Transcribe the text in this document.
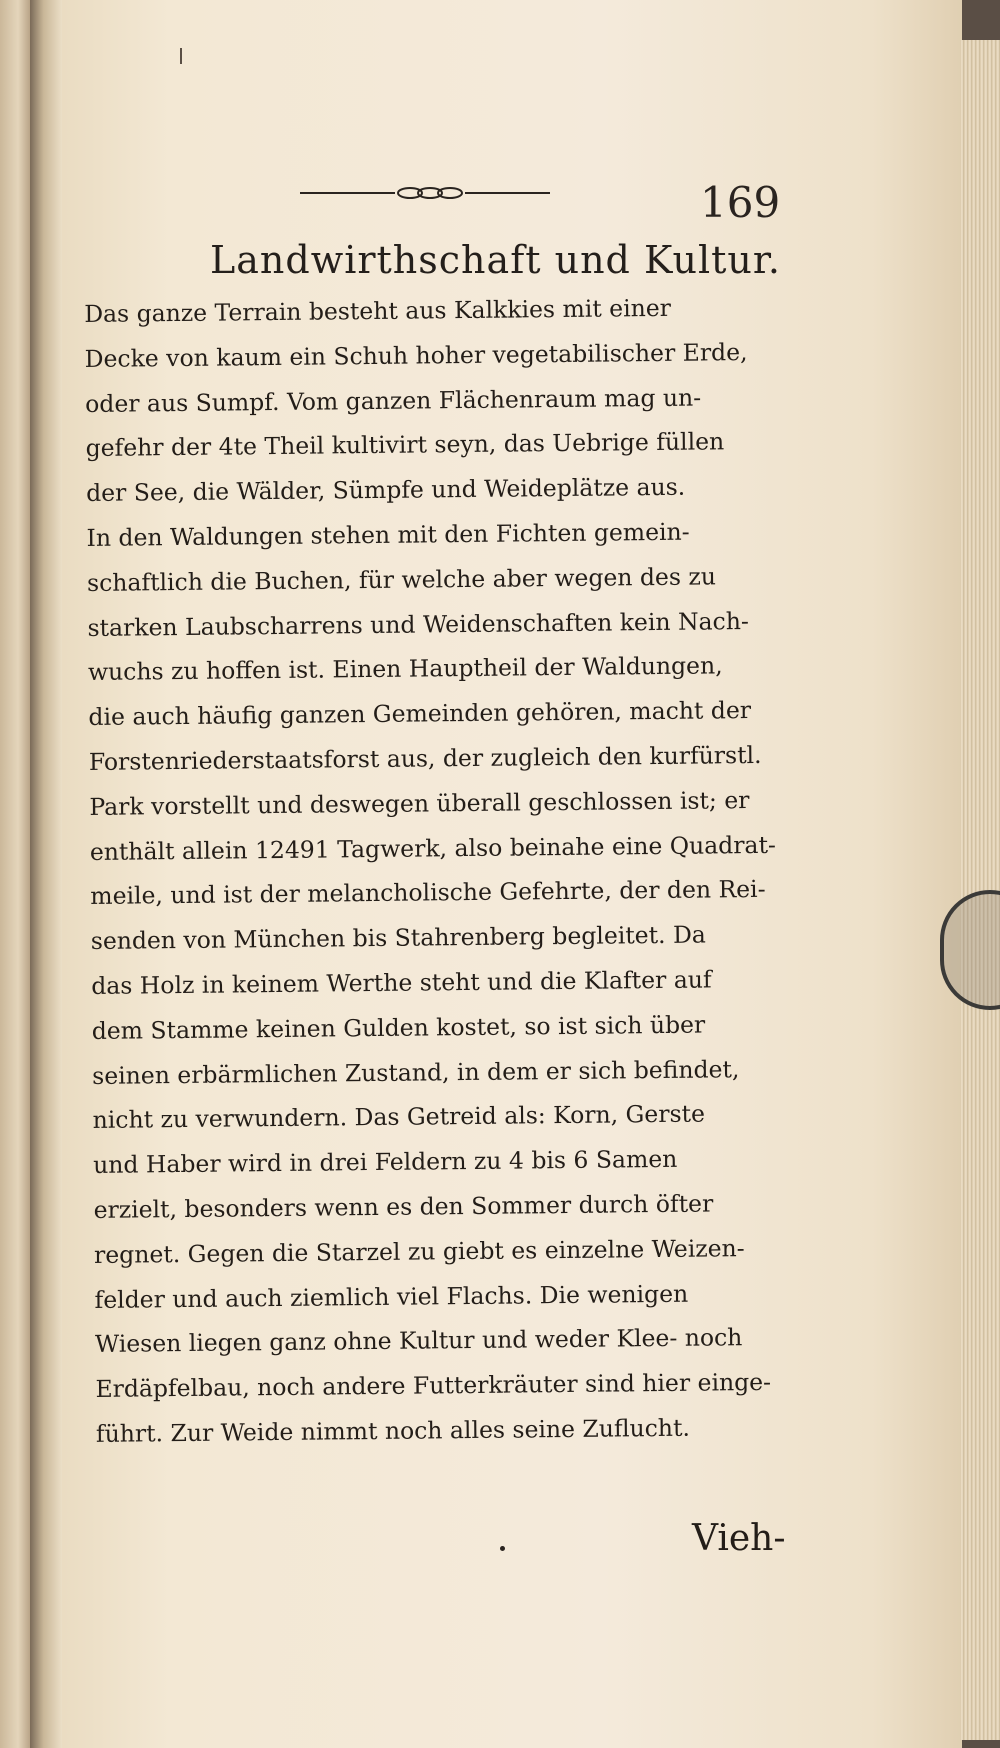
169
Landwirthschaft und Kultur.
Das ganze Terrain besteht aus Kalkkies mit einer
Decke von kaum ein Schuh hoher vegetabilischer Erde,
oder aus Sumpf. Vom ganzen Flächenraum mag un-
gefehr der 4te Theil kultivirt seyn, das Uebrige füllen
der See, die Wälder, Sümpfe und Weideplätze aus.
In den Waldungen stehen mit den Fichten gemein-
schaftlich die Buchen, für welche aber wegen des zu
starken Laubscharrens und Weidenschaften kein Nach-
wuchs zu hoffen ist. Einen Hauptheil der Waldungen,
die auch häufig ganzen Gemeinden gehören, macht der
Forstenriederstaatsforst aus, der zugleich den kurfürstl.
Park vorstellt und deswegen überall geschlossen ist; er
enthält allein 12491 Tagwerk, also beinahe eine Quadrat-
meile, und ist der melancholische Gefehrte, der den Rei-
senden von München bis Stahrenberg begleitet. Da
das Holz in keinem Werthe steht und die Klafter auf
dem Stamme keinen Gulden kostet, so ist sich über
seinen erbärmlichen Zustand, in dem er sich befindet,
nicht zu verwundern. Das Getreid als: Korn, Gerste
und Haber wird in drei Feldern zu 4 bis 6 Samen
erzielt, besonders wenn es den Sommer durch öfter
regnet. Gegen die Starzel zu giebt es einzelne Weizen-
felder und auch ziemlich viel Flachs. Die wenigen
Wiesen liegen ganz ohne Kultur und weder Klee- noch
Erdäpfelbau, noch andere Futterkräuter sind hier einge-
führt. Zur Weide nimmt noch alles seine Zuflucht.
Vieh-
